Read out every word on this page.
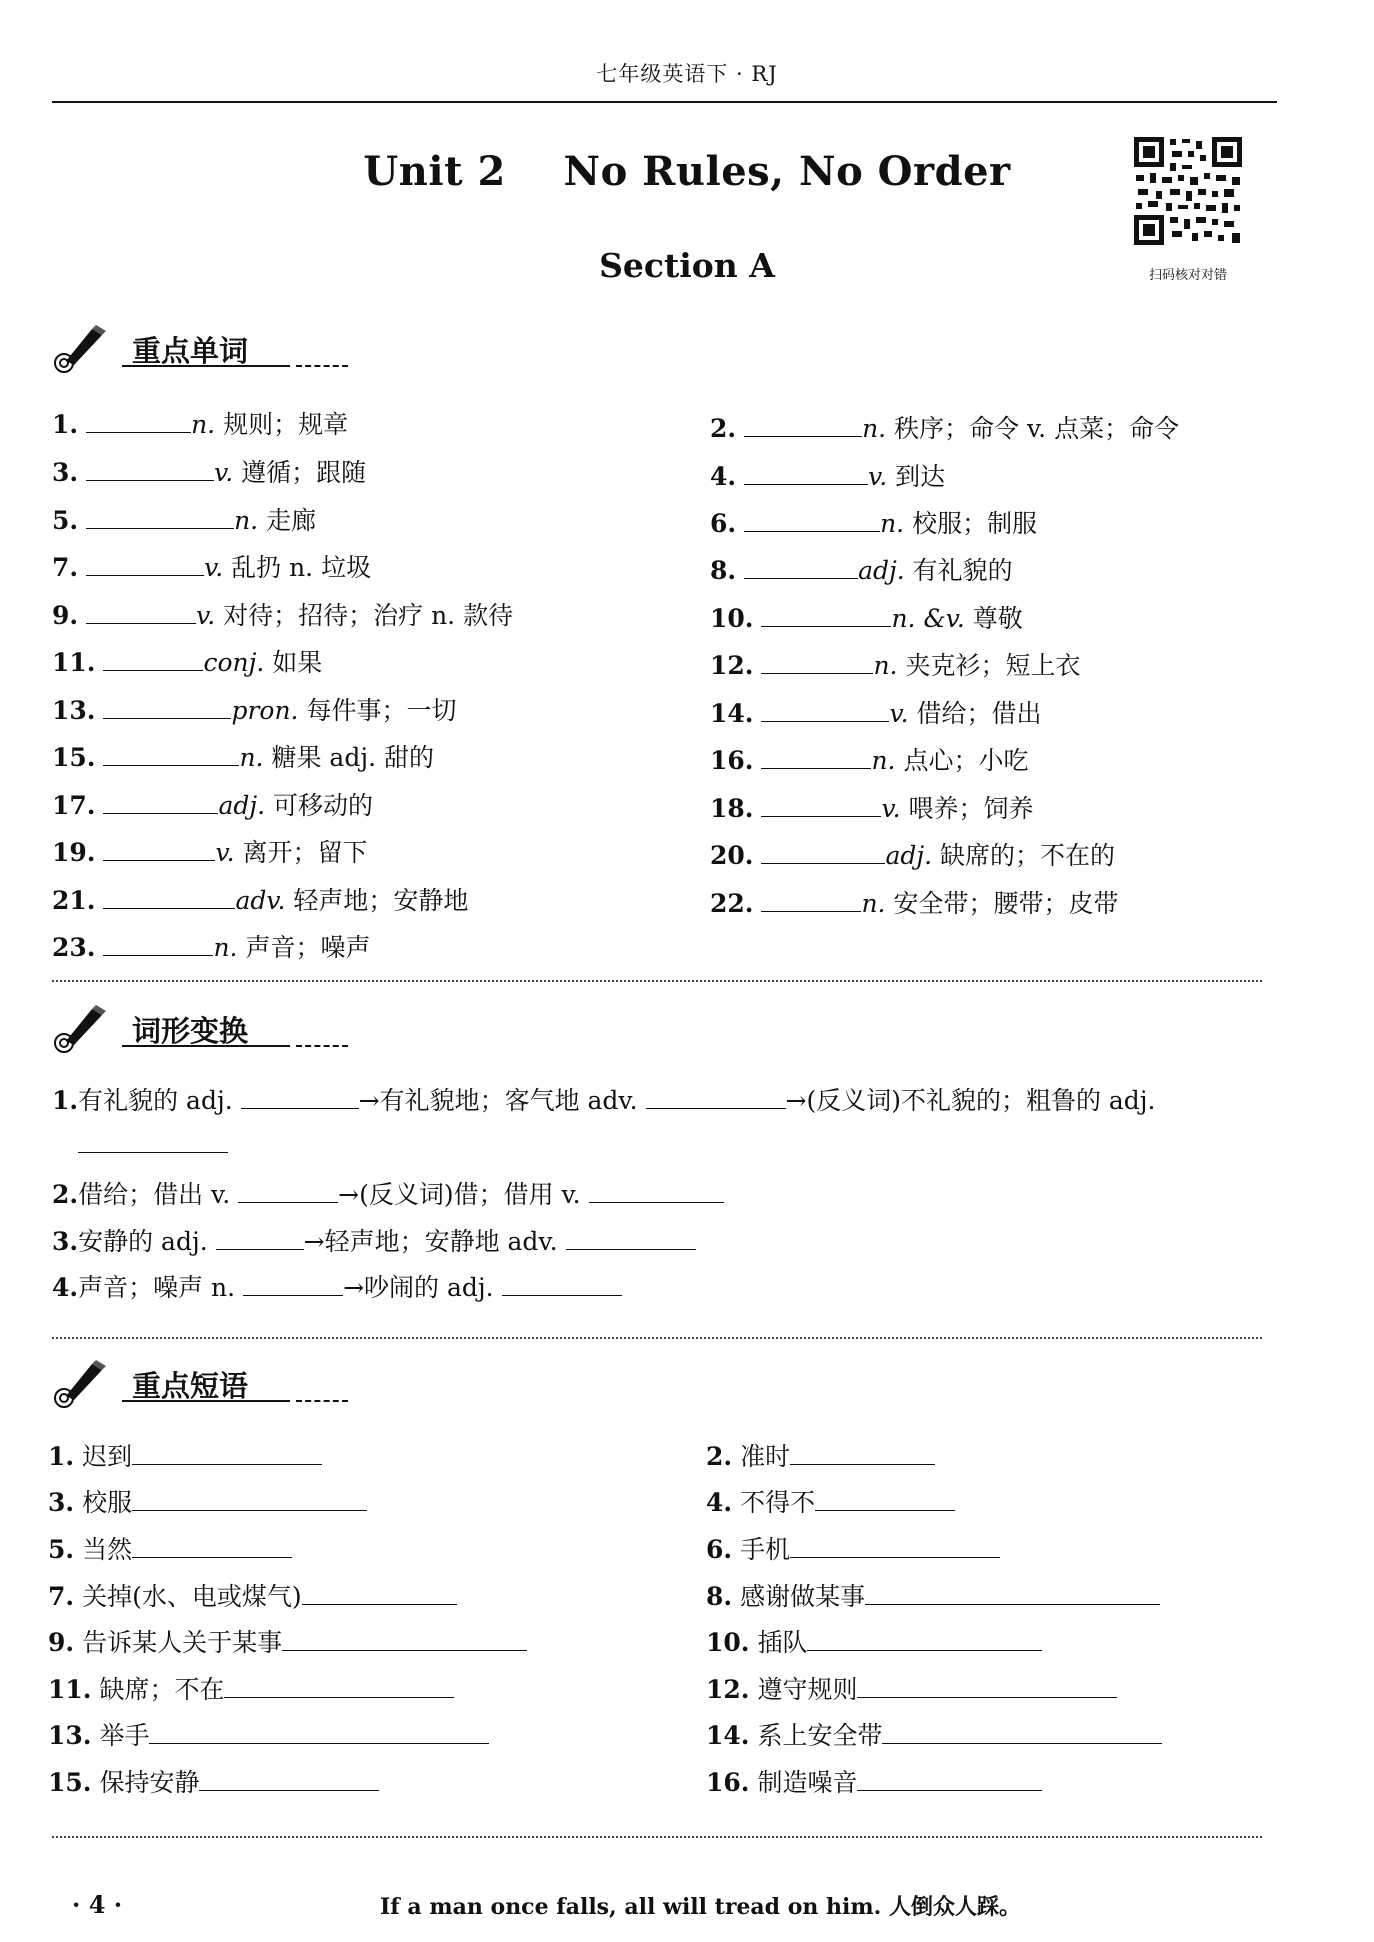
七年级英语下 · RJ
Unit 2    No Rules, No Order
Section A	扫码核对对错
重点单词
词形变换
1.有礼貌的 adj.	→有礼貌地；客气地 adv.	→(反义词)不礼貌的；粗鲁的 adj.
2.借给；借出 v.	→(反义词)借；借用 v.
3.安静的 adj.	→轻声地；安静地 adv.
4.声音；噪声 n.	→吵闹的 adj.
重点短语
· 4 ·	If a man once falls, all will tread on him. 人倒众人踩。
1.	n. 规则；规章	2.	n. 秩序；命令 v. 点菜；命令
3.	v. 遵循；跟随	4.	v. 到达
5.	n. 走廊	6.	n. 校服；制服
7.	v. 乱扔 n. 垃圾	8.	adj. 有礼貌的
9.	v. 对待；招待；治疗 n. 款待	10.	n. &v. 尊敬
11.	conj. 如果	12.	n. 夹克衫；短上衣
13.	pron. 每件事；一切	14.	v. 借给；借出
15.	n. 糖果 adj. 甜的	16.	n. 点心；小吃
17.	adj. 可移动的	18.	v. 喂养；饲养
19.	v. 离开；留下	20.	adj. 缺席的；不在的
21.	adv. 轻声地；安静地	22.	n. 安全带；腰带；皮带
23.	n. 声音；噪声
1. 迟到	2. 准时
3. 校服	4. 不得不
5. 当然	6. 手机
7. 关掉(水、电或煤气)	8. 感谢做某事
9. 告诉某人关于某事	10. 插队
11. 缺席；不在	12. 遵守规则
13. 举手	14. 系上安全带
15. 保持安静	16. 制造噪音
